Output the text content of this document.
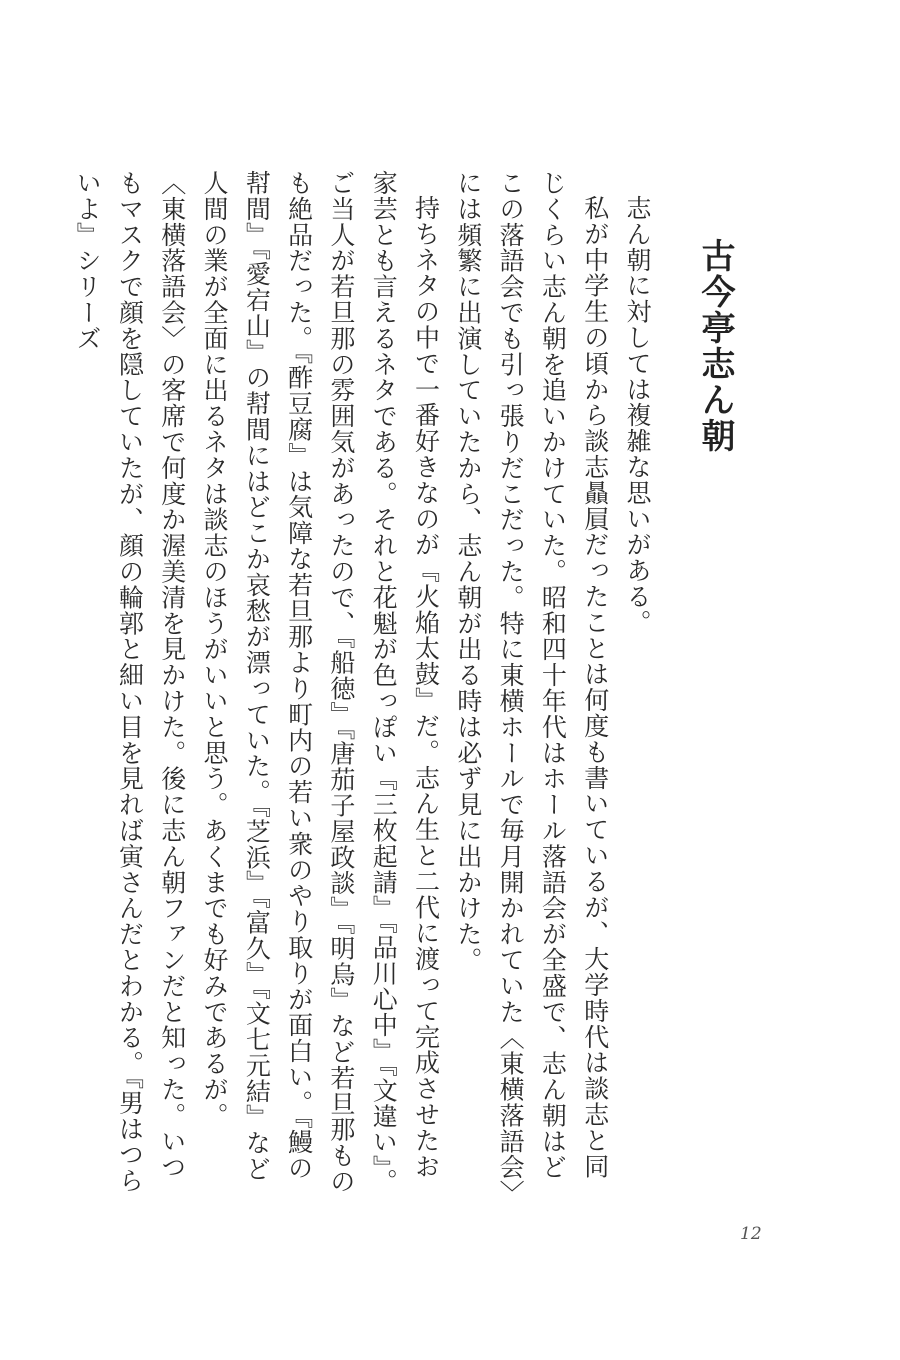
古今亭志ん朝

志ん朝に対しては複雑な思いがある。

私が中学生の頃から談志贔屓だったことは何度も書いているが、大学時代は談志と同じくらい志ん朝を追いかけていた。昭和四十年代はホール落語会が全盛で、志ん朝はどこの落語会でも引っ張りだこだった。特に東横ホールで毎月開かれていた〈東横落語会〉には頻繁に出演していたから、志ん朝が出る時は必ず見に出かけた。

持ちネタの中で一番好きなのが『火焔太鼓』だ。志ん生と二代に渡って完成させたお家芸とも言えるネタである。それと花魁が色っぽい『三枚起請』『品川心中』『文違い』。ご当人が若旦那の雰囲気があったので、『船徳』『唐茄子屋政談』『明烏』など若旦那ものも絶品だった。『酢豆腐』は気障な若旦那より町内の若い衆のやり取りが面白い。『鰻の幇間』『愛宕山』の幇間にはどこか哀愁が漂っていた。『芝浜』『富久』『文七元結』など人間の業が全面に出るネタは談志のほうがいいと思う。あくまでも好みであるが。

〈東横落語会〉の客席で何度か渥美清を見かけた。後に志ん朝ファンだと知った。いつもマスクで顔を隠していたが、顔の輪郭と細い目を見れば寅さんだとわかる。『男はつらいよ』シリーズ

12
